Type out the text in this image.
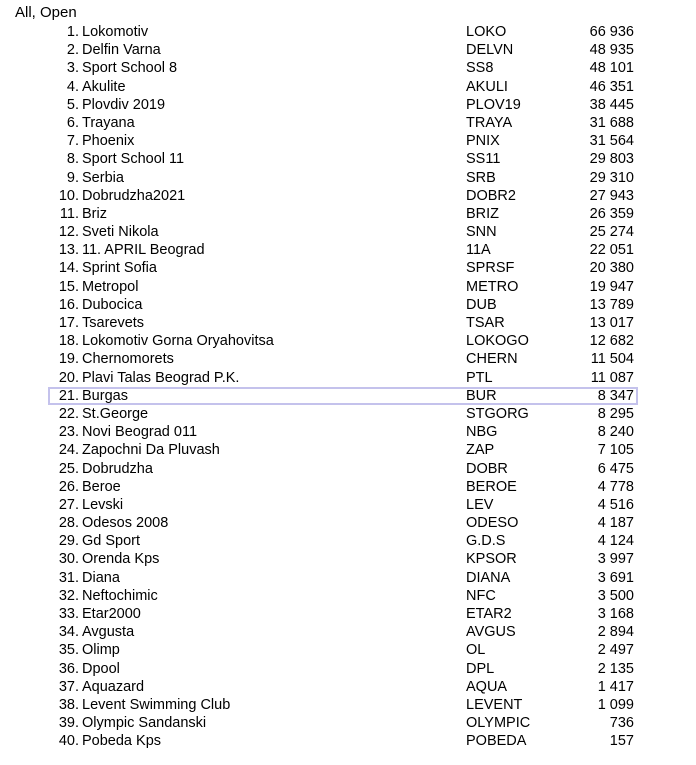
All, Open
1. Lokomotiv	LOKO	66 936
2. Delfin Varna	DELVN	48 935
3. Sport School 8	SS8	48 101
4. Akulite	AKULI	46 351
5. Plovdiv 2019	PLOV19	38 445
6. Trayana	TRAYA	31 688
7. Phoenix	PNIX	31 564
8. Sport School 11	SS11	29 803
9. Serbia	SRB	29 310
10. Dobrudzha2021	DOBR2	27 943
11. Briz	BRIZ	26 359
12. Sveti Nikola	SNN	25 274
13. 11. APRIL Beograd	11A	22 051
14. Sprint Sofia	SPRSF	20 380
15. Metropol	METRO	19 947
16. Dubocica	DUB	13 789
17. Tsarevets	TSAR	13 017
18. Lokomotiv Gorna Oryahovitsa	LOKOGO	12 682
19. Chernomorets	CHERN	11 504
20. Plavi Talas Beograd P.K.	PTL	11 087
21. Burgas	BUR	8 347
22. St.George	STGORG	8 295
23. Novi Beograd 011	NBG	8 240
24. Zapochni Da Pluvash	ZAP	7 105
25. Dobrudzha	DOBR	6 475
26. Beroe	BEROE	4 778
27. Levski	LEV	4 516
28. Odesos 2008	ODESO	4 187
29. Gd Sport	G.D.S	4 124
30. Orenda Kps	KPSOR	3 997
31. Diana	DIANA	3 691
32. Neftochimic	NFC	3 500
33. Etar2000	ETAR2	3 168
34. Avgusta	AVGUS	2 894
35. Olimp	OL	2 497
36. Dpool	DPL	2 135
37. Aquazard	AQUA	1 417
38. Levent Swimming Club	LEVENT	1 099
39. Olympic Sandanski	OLYMPIC	736
40. Pobeda Kps	POBEDA	157
